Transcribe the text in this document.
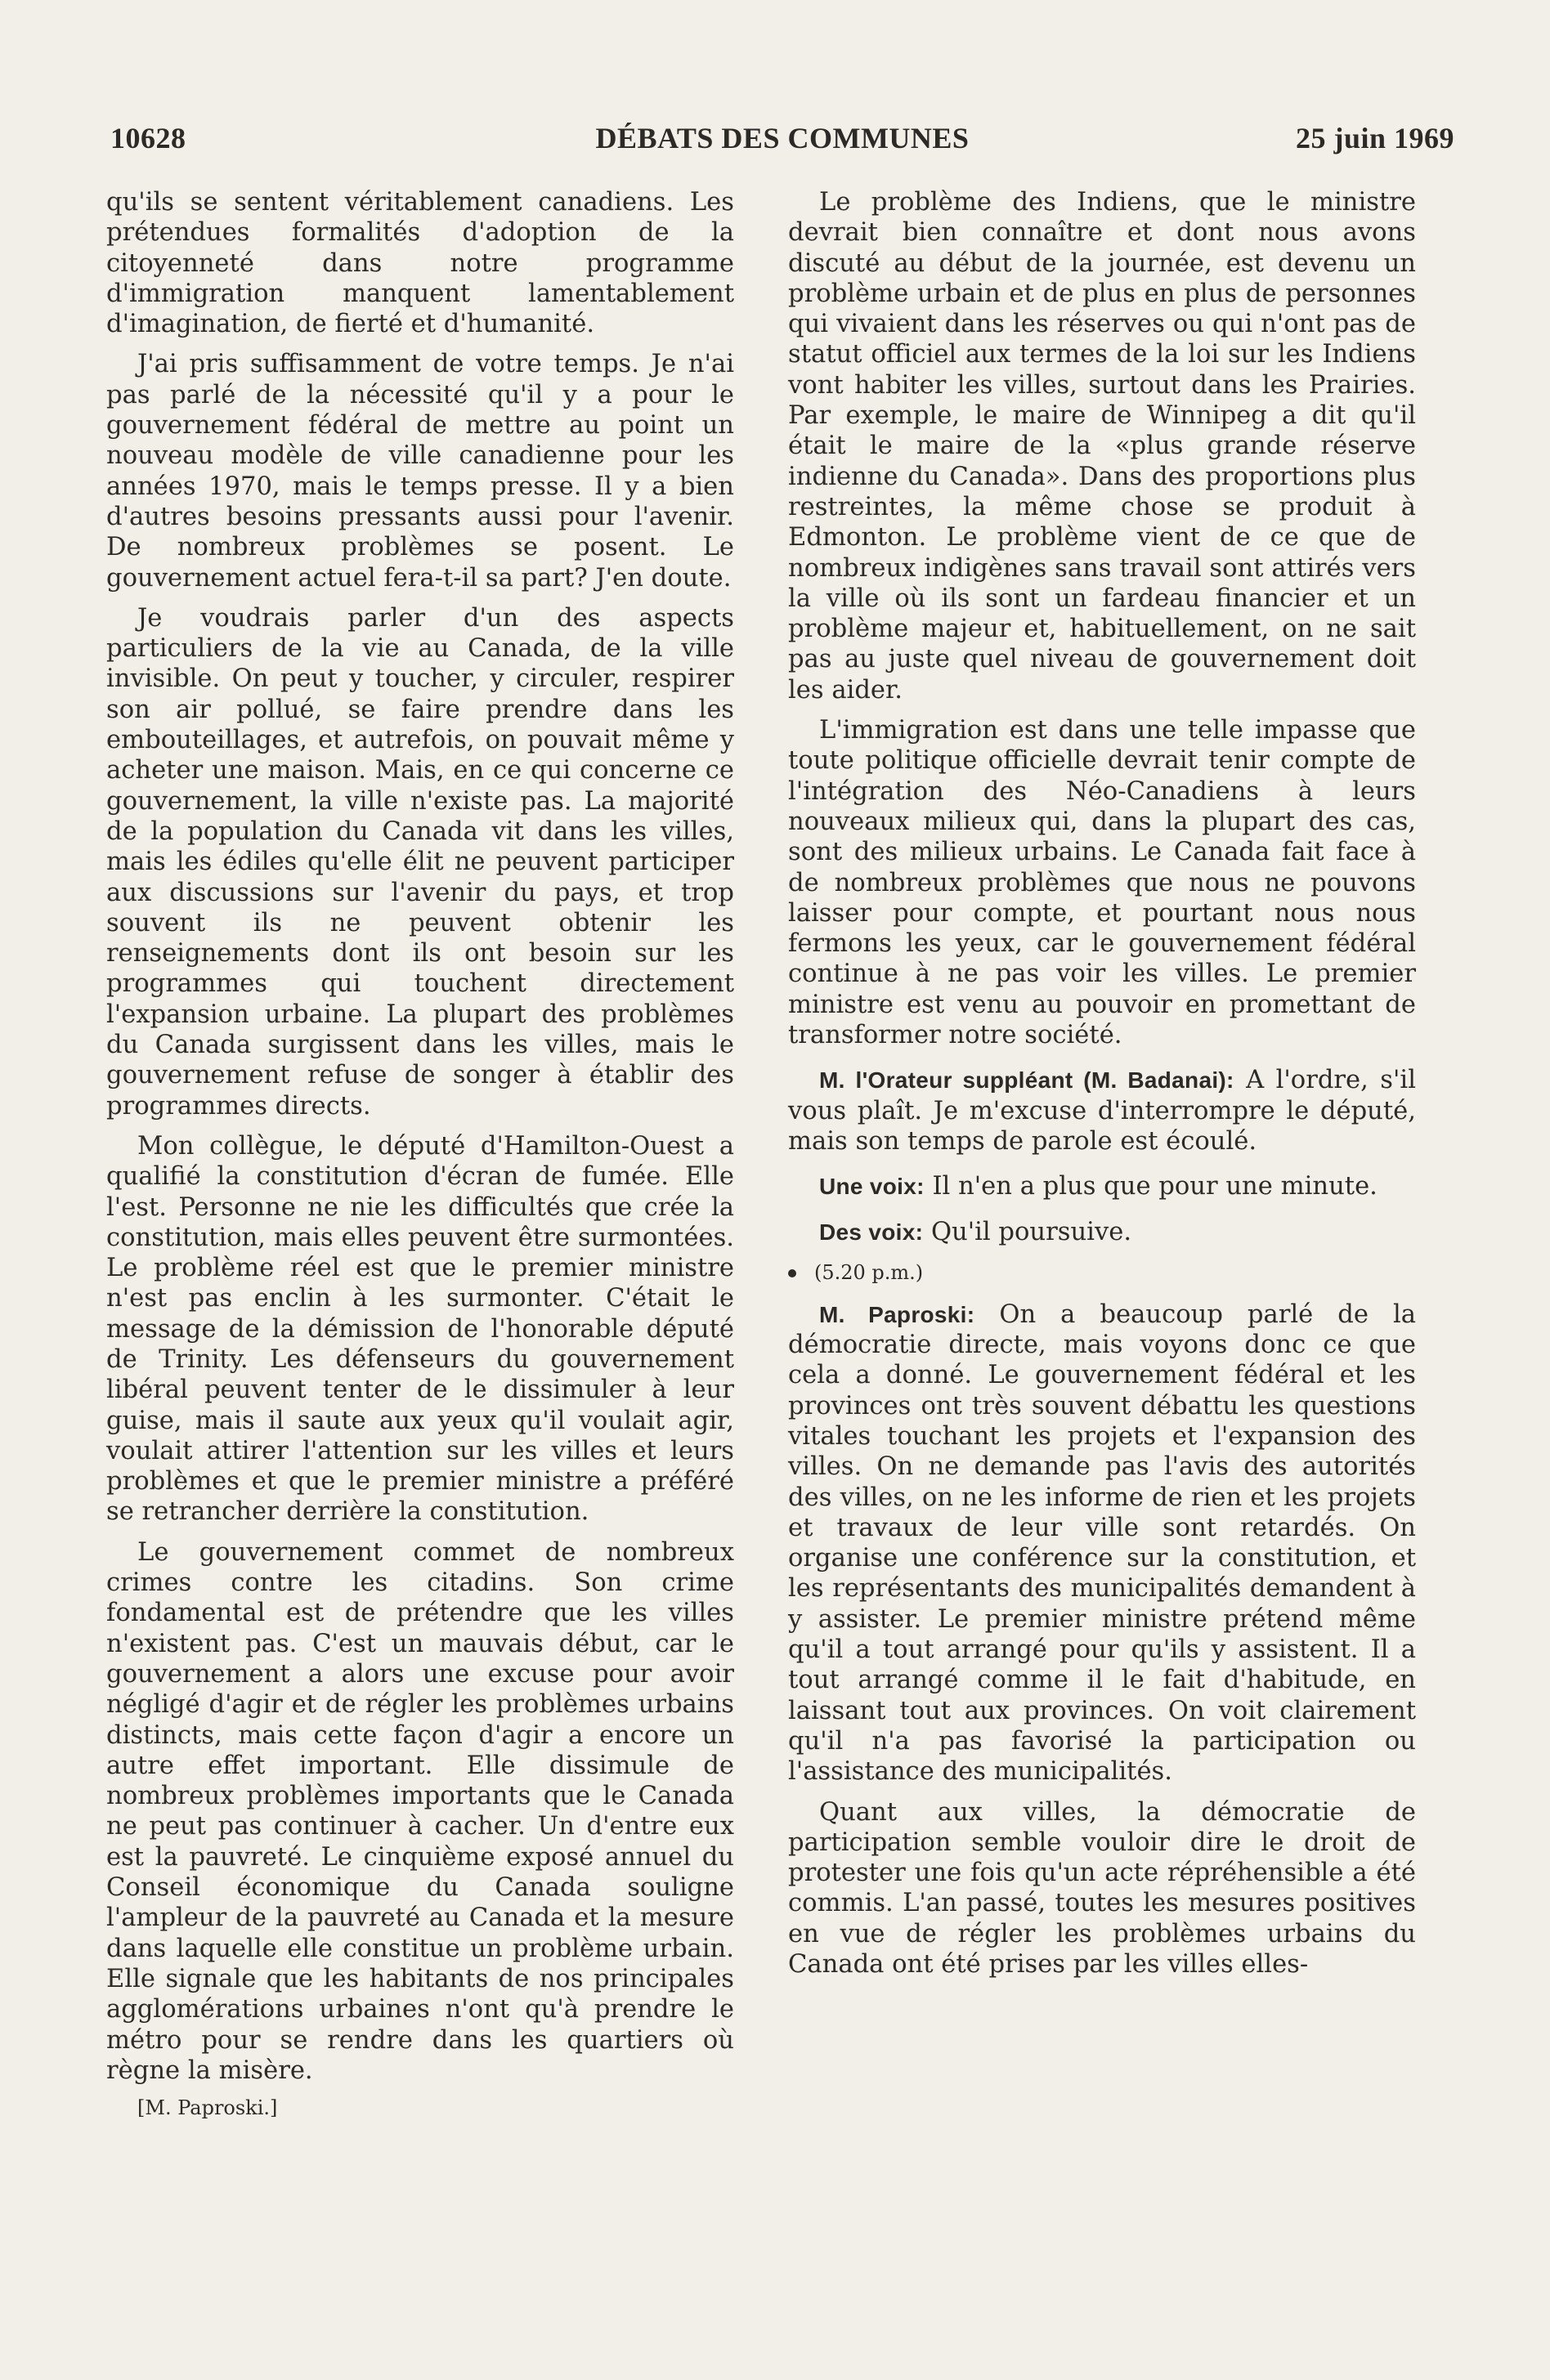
10628	DÉBATS DES COMMUNES	25 juin 1969

qu'ils se sentent véritablement canadiens. Les prétendues formalités d'adoption de la citoyenneté dans notre programme d'immigration manquent lamentablement d'imagination, de fierté et d'humanité.

J'ai pris suffisamment de votre temps. Je n'ai pas parlé de la nécessité qu'il y a pour le gouvernement fédéral de mettre au point un nouveau modèle de ville canadienne pour les années 1970, mais le temps presse. Il y a bien d'autres besoins pressants aussi pour l'avenir. De nombreux problèmes se posent. Le gouvernement actuel fera-t-il sa part? J'en doute.

Je voudrais parler d'un des aspects particuliers de la vie au Canada, de la ville invisible. On peut y toucher, y circuler, respirer son air pollué, se faire prendre dans les embouteillages, et autrefois, on pouvait même y acheter une maison. Mais, en ce qui concerne ce gouvernement, la ville n'existe pas. La majorité de la population du Canada vit dans les villes, mais les édiles qu'elle élit ne peuvent participer aux discussions sur l'avenir du pays, et trop souvent ils ne peuvent obtenir les renseignements dont ils ont besoin sur les programmes qui touchent directement l'expansion urbaine. La plupart des problèmes du Canada surgissent dans les villes, mais le gouvernement refuse de songer à établir des programmes directs.

Mon collègue, le député d'Hamilton-Ouest a qualifié la constitution d'écran de fumée. Elle l'est. Personne ne nie les difficultés que crée la constitution, mais elles peuvent être surmontées. Le problème réel est que le premier ministre n'est pas enclin à les surmonter. C'était le message de la démission de l'honorable député de Trinity. Les défenseurs du gouvernement libéral peuvent tenter de le dissimuler à leur guise, mais il saute aux yeux qu'il voulait agir, voulait attirer l'attention sur les villes et leurs problèmes et que le premier ministre a préféré se retrancher derrière la constitution.

Le gouvernement commet de nombreux crimes contre les citadins. Son crime fondamental est de prétendre que les villes n'existent pas. C'est un mauvais début, car le gouvernement a alors une excuse pour avoir négligé d'agir et de régler les problèmes urbains distincts, mais cette façon d'agir a encore un autre effet important. Elle dissimule de nombreux problèmes importants que le Canada ne peut pas continuer à cacher. Un d'entre eux est la pauvreté. Le cinquième exposé annuel du Conseil économique du Canada souligne l'ampleur de la pauvreté au Canada et la mesure dans laquelle elle constitue un problème urbain. Elle signale que les habitants de nos principales agglomérations urbaines n'ont qu'à prendre le métro pour se rendre dans les quartiers où règne la misère.

[M. Paproski.]

Le problème des Indiens, que le ministre devrait bien connaître et dont nous avons discuté au début de la journée, est devenu un problème urbain et de plus en plus de personnes qui vivaient dans les réserves ou qui n'ont pas de statut officiel aux termes de la loi sur les Indiens vont habiter les villes, surtout dans les Prairies. Par exemple, le maire de Winnipeg a dit qu'il était le maire de la «plus grande réserve indienne du Canada». Dans des proportions plus restreintes, la même chose se produit à Edmonton. Le problème vient de ce que de nombreux indigènes sans travail sont attirés vers la ville où ils sont un fardeau financier et un problème majeur et, habituellement, on ne sait pas au juste quel niveau de gouvernement doit les aider.

L'immigration est dans une telle impasse que toute politique officielle devrait tenir compte de l'intégration des Néo-Canadiens à leurs nouveaux milieux qui, dans la plupart des cas, sont des milieux urbains. Le Canada fait face à de nombreux problèmes que nous ne pouvons laisser pour compte, et pourtant nous nous fermons les yeux, car le gouvernement fédéral continue à ne pas voir les villes. Le premier ministre est venu au pouvoir en promettant de transformer notre société.

M. l'Orateur suppléant (M. Badanai): A l'ordre, s'il vous plaît. Je m'excuse d'interrompre le député, mais son temps de parole est écoulé.

Une voix: Il n'en a plus que pour une minute.

Des voix: Qu'il poursuive.

(5.20 p.m.)

M. Paproski: On a beaucoup parlé de la démocratie directe, mais voyons donc ce que cela a donné. Le gouvernement fédéral et les provinces ont très souvent débattu les questions vitales touchant les projets et l'expansion des villes. On ne demande pas l'avis des autorités des villes, on ne les informe de rien et les projets et travaux de leur ville sont retardés. On organise une conférence sur la constitution, et les représentants des municipalités demandent à y assister. Le premier ministre prétend même qu'il a tout arrangé pour qu'ils y assistent. Il a tout arrangé comme il le fait d'habitude, en laissant tout aux provinces. On voit clairement qu'il n'a pas favorisé la participation ou l'assistance des municipalités.

Quant aux villes, la démocratie de participation semble vouloir dire le droit de protester une fois qu'un acte répréhensible a été commis. L'an passé, toutes les mesures positives en vue de régler les problèmes urbains du Canada ont été prises par les villes elles-
